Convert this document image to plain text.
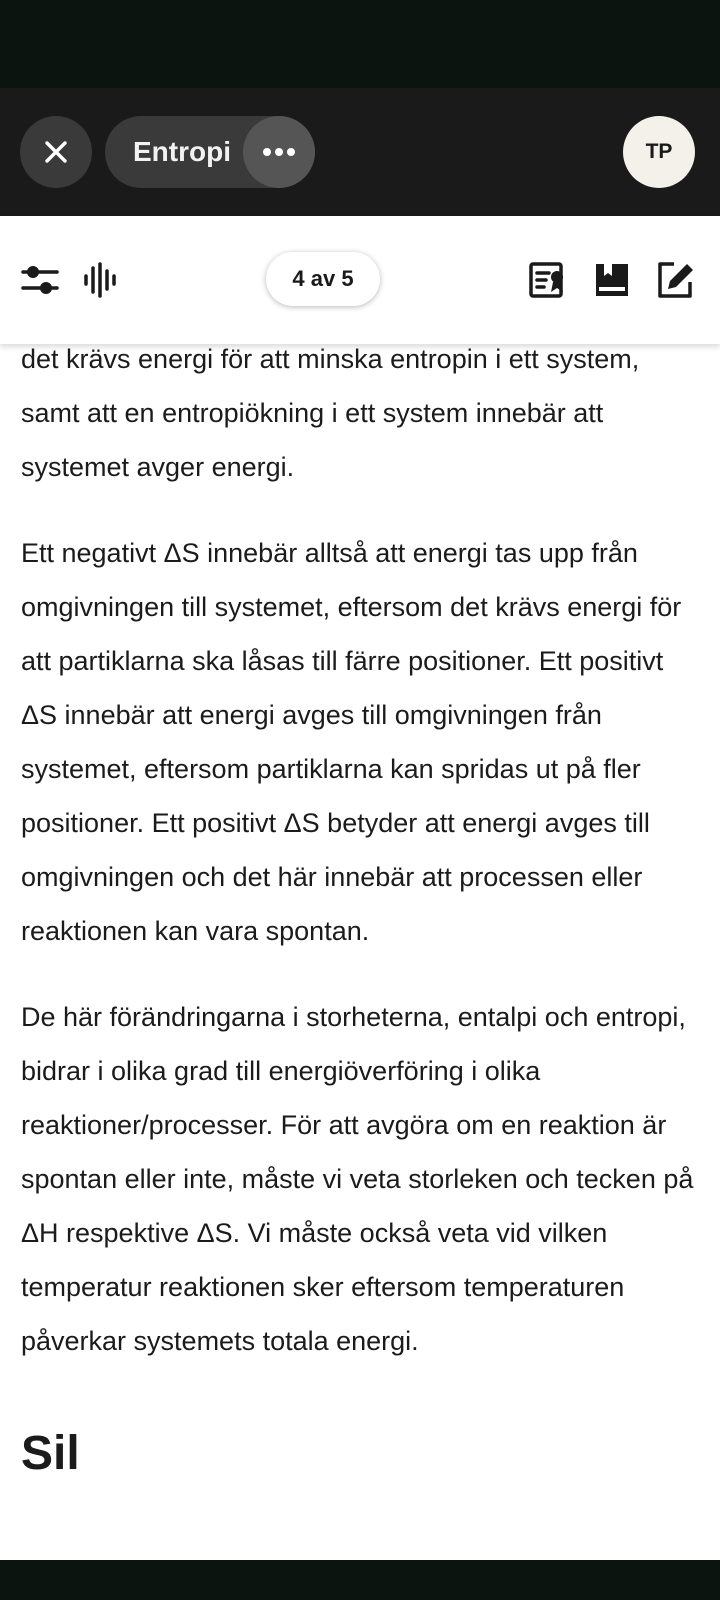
Entropi	TP
4 av 5

det krävs energi för att minska entropin i ett system, samt att en entropiökning i ett system innebär att systemet avger energi.

Ett negativt ΔS innebär alltså att energi tas upp från omgivningen till systemet, eftersom det krävs energi för att partiklarna ska låsas till färre positioner. Ett positivt ΔS innebär att energi avges till omgivningen från systemet, eftersom partiklarna kan spridas ut på fler positioner. Ett positivt ΔS betyder att energi avges till omgivningen och det här innebär att processen eller reaktionen kan vara spontan.

De här förändringarna i storheterna, entalpi och entropi, bidrar i olika grad till energiöverföring i olika reaktioner/processer. För att avgöra om en reaktion är spontan eller inte, måste vi veta storleken och tecken på ΔH respektive ΔS. Vi måste också veta vid vilken temperatur reaktionen sker eftersom temperaturen påverkar systemets totala energi.

Sil
